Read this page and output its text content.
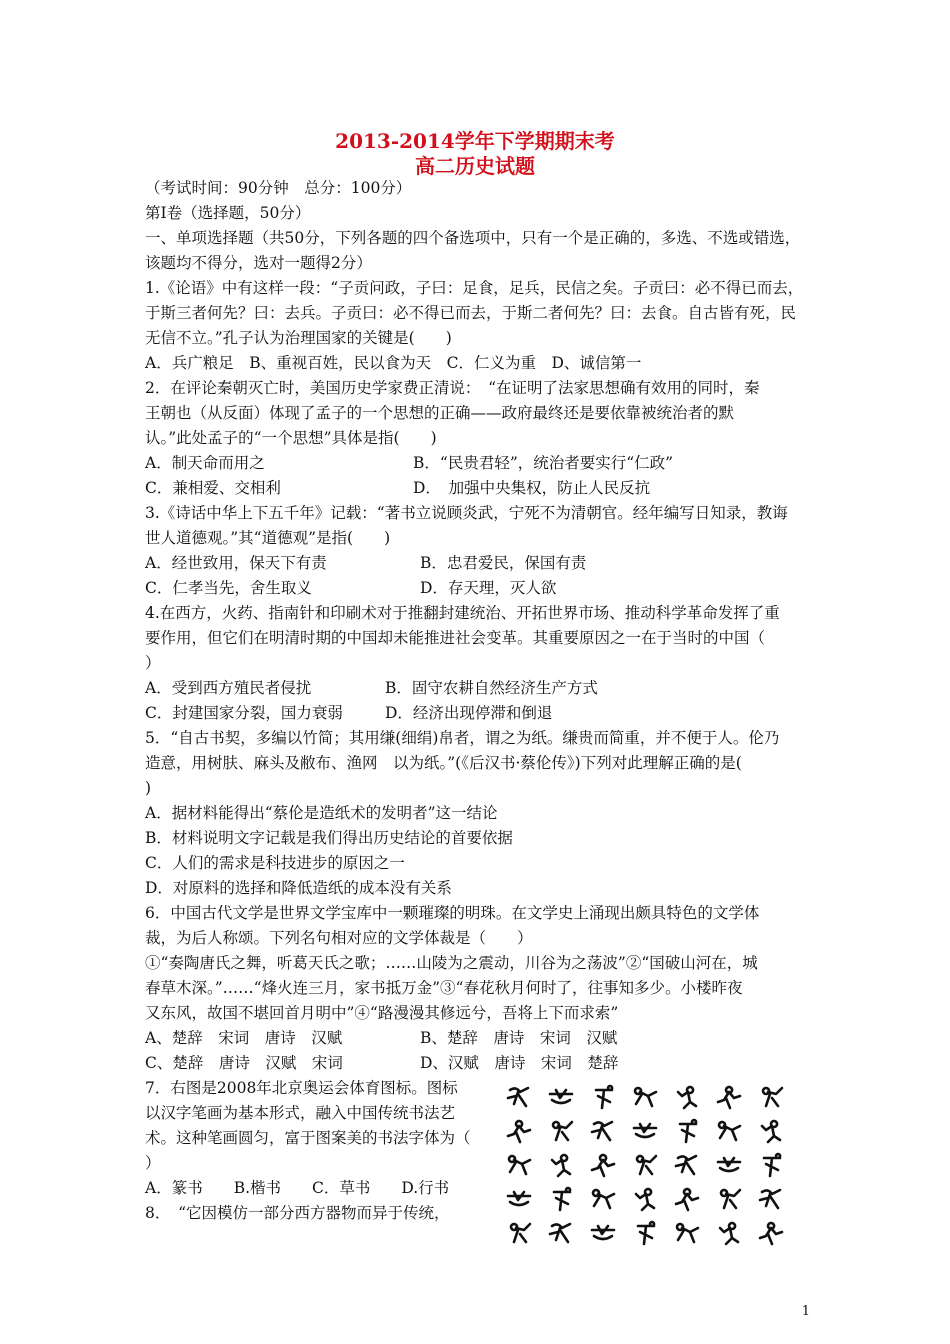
2013-2014学年下学期期末考
高二历史试题
（考试时间：90分钟　总分：100分）
第Ⅰ卷（选择题，50分）
一、单项选择题（共50分，下列各题的四个备选项中，只有一个是正确的，多选、不选或错选，
该题均不得分，选对一题得2分）
1.《论语》中有这样一段：“子贡问政，子曰：足食，足兵，民信之矣。子贡曰：必不得已而去，
于斯三者何先？曰：去兵。子贡曰：必不得已而去，于斯二者何先？曰：去食。自古皆有死，民
无信不立。”孔子认为治理国家的关键是(　　)
A．兵广粮足　B、重视百姓，民以食为天　C．仁义为重　D、诚信第一
2．在评论秦朝灭亡时，美国历史学家费正清说：　“在证明了法家思想确有效用的同时，秦
王朝也（从反面）体现了孟子的一个思想的正确——政府最终还是要依靠被统治者的默
认。”此处孟子的“一个思想”具体是指(　　)
A．制天命而用之	B．“民贵君轻”，统治者要实行“仁政”
C．兼相爱、交相利	D．　加强中央集权，防止人民反抗
3.《诗话中华上下五千年》记载：“著书立说顾炎武，宁死不为清朝官。经年编写日知录，教诲
世人道德观。”其“道德观”是指(　　)
A．经世致用，保天下有责	B．忠君爱民，保国有责
C．仁孝当先，舍生取义	D．存天理，灭人欲
4.在西方，火药、指南针和印刷术对于推翻封建统治、开拓世界市场、推动科学革命发挥了重
要作用，但它们在明清时期的中国却未能推进社会变革。其重要原因之一在于当时的中国（
）
A．受到西方殖民者侵扰	B．固守农耕自然经济生产方式
C．封建国家分裂，国力衰弱	D．经济出现停滞和倒退
5．“自古书契，多编以竹简；其用缣(细绢)帛者，谓之为纸。缣贵而简重，并不便于人。伦乃
造意，用树肤、麻头及敝布、渔网　以为纸。”(《后汉书·蔡伦传》)下列对此理解正确的是(
)
A．据材料能得出“蔡伦是造纸术的发明者”这一结论
B．材料说明文字记载是我们得出历史结论的首要依据
C．人们的需求是科技进步的原因之一
D．对原料的选择和降低造纸的成本没有关系
6．中国古代文学是世界文学宝库中一颗璀璨的明珠。在文学史上涌现出颇具特色的文学体
裁，为后人称颂。下列名句相对应的文学体裁是（　　）
①“奏陶唐氏之舞，听葛天氏之歌；……山陵为之震动，川谷为之荡波”②“国破山河在，城
春草木深。”……“烽火连三月，家书抵万金”③“春花秋月何时了，往事知多少。小楼昨夜
又东风，故国不堪回首月明中”④“路漫漫其修远兮，吾将上下而求索”
A、楚辞　宋词　唐诗　汉赋	B、楚辞　唐诗　宋词　汉赋
C、楚辞　唐诗　汉赋　宋词	D、汉赋　唐诗　宋词　楚辞
7．右图是2008年北京奥运会体育图标。图标
以汉字笔画为基本形式，融入中国传统书法艺
术。这种笔画圆匀，富于图案美的书法字体为（
）
A．篆书　　B.楷书　　C．草书　　D.行书
8．　“它因模仿一部分西方器物而异于传统，
1
